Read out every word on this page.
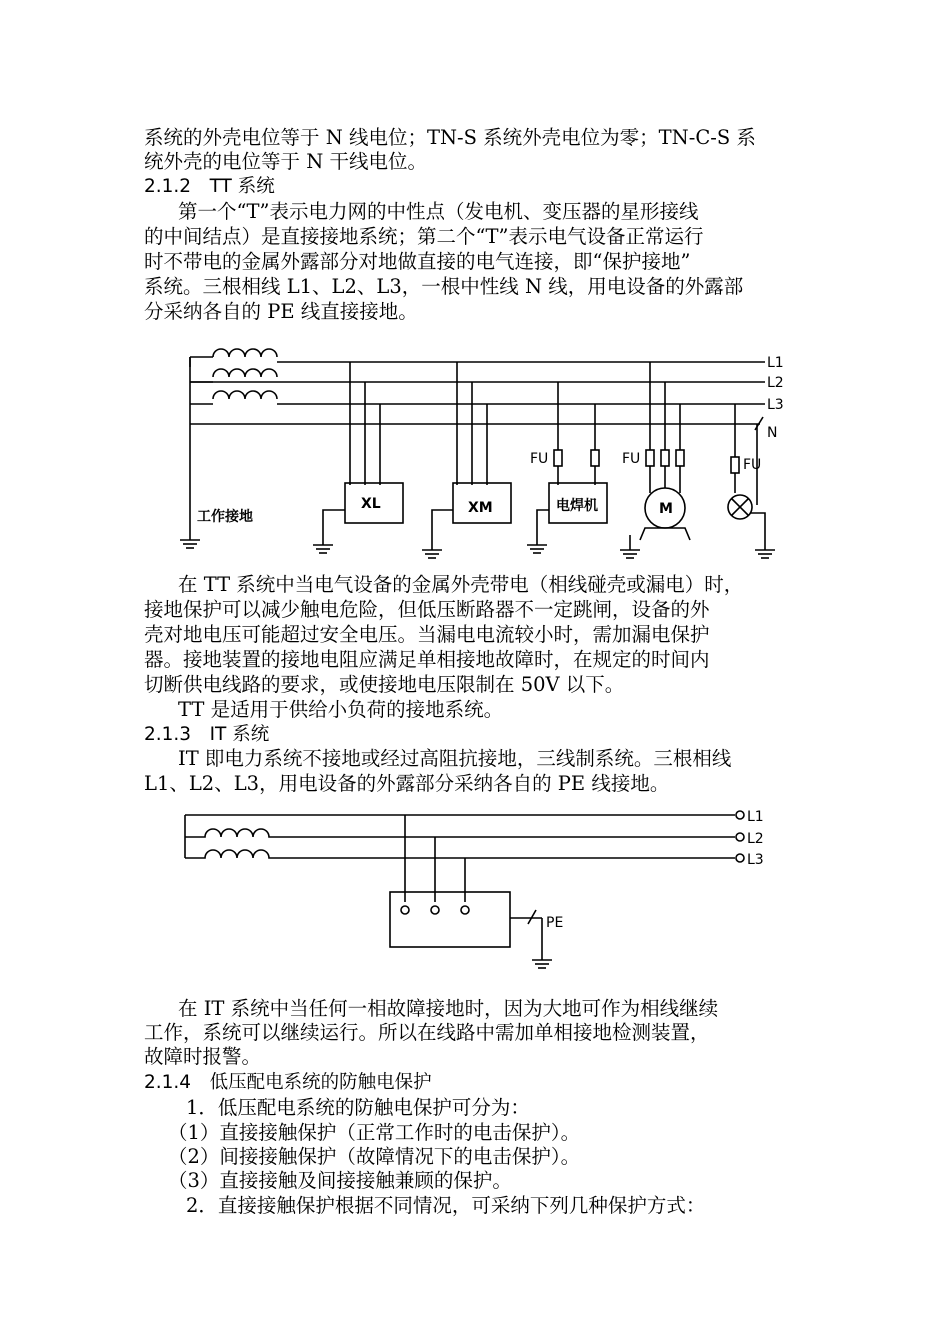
系统的外壳电位等于 N 线电位；TN-S 系统外壳电位为零；TN-C-S 系
统外壳的电位等于 N 干线电位。
2.1.2　TT 系统
第一个“T”表示电力网的中性点（发电机、变压器的星形接线
的中间结点）是直接接地系统；第二个“T”表示电气设备正常运行
时不带电的金属外露部分对地做直接的电气连接，即“保护接地”
系统。三根相线 L1、L2、L3，一根中性线 N 线，用电设备的外露部
分采纳各自的 PE 线直接接地。
L1
L2
L3
N
FU	FU	FU
工作接地
XL	XM	电焊机	M
在 TT 系统中当电气设备的金属外壳带电（相线碰壳或漏电）时，
接地保护可以减少触电危险，但低压断路器不一定跳闸，设备的外
壳对地电压可能超过安全电压。当漏电电流较小时，需加漏电保护
器。接地装置的接地电阻应满足单相接地故障时，在规定的时间内
切断供电线路的要求，或使接地电压限制在 50V 以下。
TT 是适用于供给小负荷的接地系统。
2.1.3　IT 系统
IT 即电力系统不接地或经过高阻抗接地，三线制系统。三根相线
L1、L2、L3，用电设备的外露部分采纳各自的 PE 线接地。
L1
L2
L3
PE
在 IT 系统中当任何一相故障接地时，因为大地可作为相线继续
工作，系统可以继续运行。所以在线路中需加单相接地检测装置，
故障时报警。
2.1.4　低压配电系统的防触电保护
1．低压配电系统的防触电保护可分为：
（1）直接接触保护（正常工作时的电击保护）。
（2）间接接触保护（故障情况下的电击保护）。
（3）直接接触及间接接触兼顾的保护。
2．直接接触保护根据不同情况，可采纳下列几种保护方式：
